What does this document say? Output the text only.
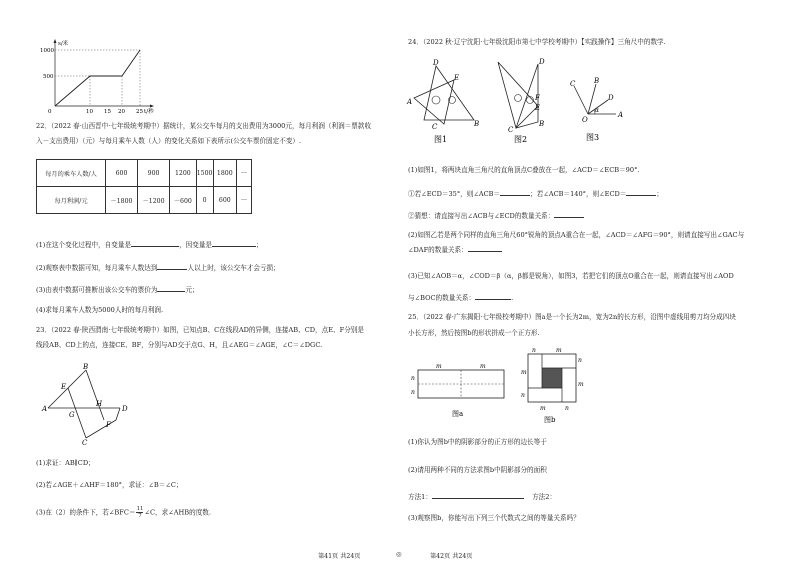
s/米
1000
500
0	10 15 20 25 t/秒
22．（2022 春·山西晋中·七年级统考期中）据统计，某公交车每月的支出费用为3000元，每月利润（利润＝票款收
入－支出费用）（元）与每月乘车人数（人）的变化关系如下表所示(公交车票价固定不变）.
每月的乘车人数/人	600	900	1200	1500	1800	···
每月利润/元	－1800	－1200	－600	0	600	···
(1)在这个变化过程中，自变量是	，因变量是	；
(2)观察表中数据可知，每月乘车人数达到	人以上时，该公交车才会亏损；
(3)由表中数据可推断出该公交车的票价为	元；
(4)求每月乘车人数为5000人时的每月利润.
23．（2022 春·陕西渭南·七年级统考期中）如图，已知点B、C在线段AD的异侧，连接AB、CD，点E、F分别是
线段AB、CD上的点，连接CE、BF，分别与AD交于点G、H，且∠AEG＝∠AGE，∠C＝∠DGC.
A
B
C
D
E
F
G
H
(1)求证：AB∥CD；
(2)若∠AGE＋∠AHF＝180°，求证：∠B＝∠C；
(3)在（2）的条件下，若∠BFC＝ $\frac{11}{7}$ ∠C，求∠AHB的度数.
第41页 共24页	◎
24．（2022 秋·辽宁沈阳·七年级沈阳市第七中学校考期中）【实践操作】三角尺中的数学.
A
D
E
B
C
图1
D
F
E
B
C
图2
C	B
D
A
O
α
图3
(1)如图1，将两块直角三角尺的直角顶点C叠放在一起，∠ACD＝∠ECB＝90°.
①若∠ECD＝35°，则∠ACB＝	；若∠ACB＝140°，则∠ECD＝	；
②猜想：请直接写出∠ACB与∠ECD的数量关系：
(2)如图乙若是两个同样的直角三角尺60°锐角的顶点A重合在一起，∠ACD＝∠AFG＝90°，则请直接写出∠GAC与
∠DAF的数量关系：
(3)已知∠AOB＝α，∠COD＝β（α，β都是锐角），如图3，若把它们的顶点O重合在一起，则请直接写出∠AOD
与∠BOC的数量关系：	.
25．（2022 春·广东揭阳·七年级校考期中）图a是一个长为2m，宽为2n的长方形，沿图中虚线用剪刀均分成四块
小长方形，然后按图b的形状拼成一个正方形.
m	m
n
n
图a
n	m
m
n
n
n
m
m
图b
(1)你认为图b中的阴影部分的正方形的边长等于
(2)请用两种不同的方法求图b中阴影部分的面积
方法1：	方法2：
(3)观察图b，你能写出下列三个代数式之间的等量关系吗？
第42页 共24页
